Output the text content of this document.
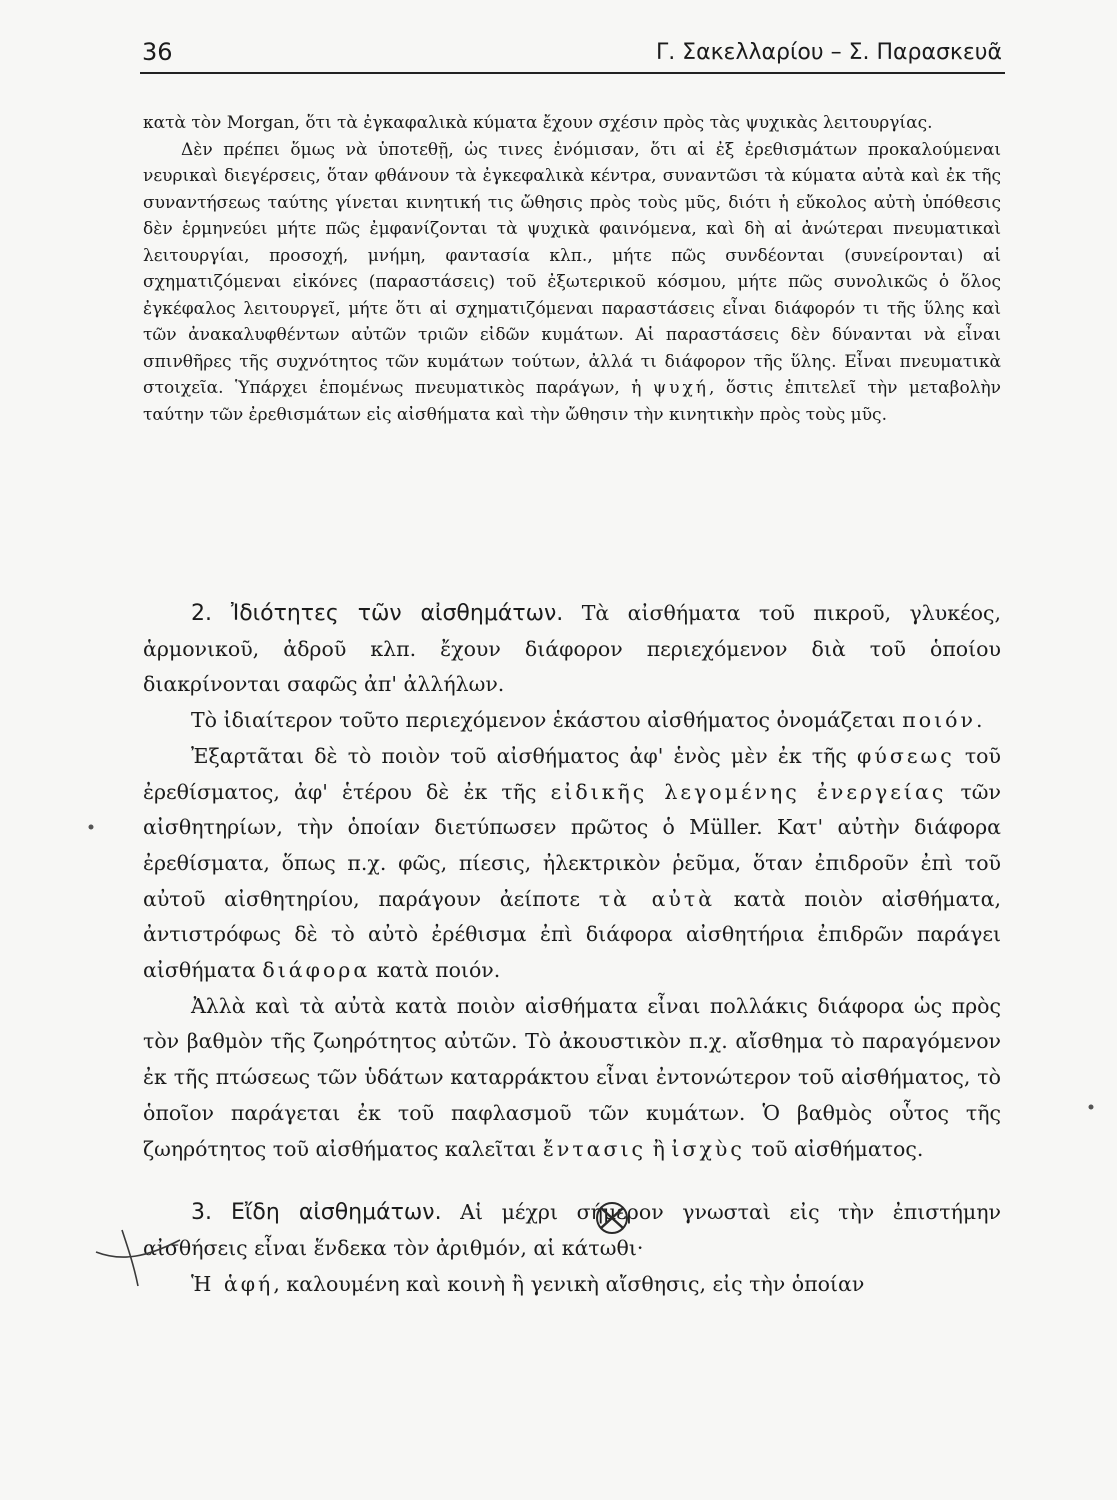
36	Γ. Σακελλαρίου – Σ. Παρασκευᾶ

κατὰ τὸν Morgan, ὅτι τὰ ἐγκαφαλικὰ κύματα ἔχουν σχέσιν πρὸς τὰς ψυχικὰς λειτουργίας.

Δὲν πρέπει ὅμως νὰ ὑποτεθῇ, ὡς τινες ἐνόμισαν, ὅτι αἱ ἐξ ἐρεθισμάτων προκαλούμεναι νευρικαὶ διεγέρσεις, ὅταν φθάνουν τὰ ἐγκεφαλικὰ κέντρα, συναντῶσι τὰ κύματα αὐτὰ καὶ ἐκ τῆς συναντήσεως ταύτης γίνεται κινητική τις ὤθησις πρὸς τοὺς μῦς, διότι ἡ εὔκολος αὐτὴ ὑπόθεσις δὲν ἑρμηνεύει μήτε πῶς ἐμφανίζονται τὰ ψυχικὰ φαινόμενα, καὶ δὴ αἱ ἀνώτεραι πνευματικαὶ λειτουργίαι, προσοχή, μνήμη, φαντασία κλπ., μήτε πῶς συνδέονται (συνείρονται) αἱ σχηματιζόμεναι εἰκόνες (παραστάσεις) τοῦ ἐξωτερικοῦ κόσμου, μήτε πῶς συνολικῶς ὁ ὅλος ἐγκέφαλος λειτουργεῖ, μήτε ὅτι αἱ σχηματιζόμεναι παραστάσεις εἶναι διάφορόν τι τῆς ὕλης καὶ τῶν ἀνακαλυφθέντων αὐτῶν τριῶν εἰδῶν κυμάτων. Αἱ παραστάσεις δὲν δύνανται νὰ εἶναι σπινθῆρες τῆς συχνότητος τῶν κυμάτων τούτων, ἀλλά τι διάφορον τῆς ὕλης. Εἶναι πνευματικὰ στοιχεῖα. Ὑπάρχει ἑπομένως πνευματικὸς παράγων, ἡ ψυχή, ὅστις ἐπιτελεῖ τὴν μεταβολὴν ταύτην τῶν ἐρεθισμάτων εἰς αἰσθήματα καὶ τὴν ὤθησιν τὴν κινητικὴν πρὸς τοὺς μῦς.

2. Ἰδιότητες τῶν αἰσθημάτων. Τὰ αἰσθήματα τοῦ πικροῦ, γλυκέος, ἁρμονικοῦ, ἁδροῦ κλπ. ἔχουν διάφορον περιεχόμενον διὰ τοῦ ὁποίου διακρίνονται σαφῶς ἀπ' ἀλλήλων.

Τὸ ἰδιαίτερον τοῦτο περιεχόμενον ἑκάστου αἰσθήματος ὀνομάζεται ποιόν.

Ἐξαρτᾶται δὲ τὸ ποιὸν τοῦ αἰσθήματος ἀφ' ἑνὸς μὲν ἐκ τῆς φύσεως τοῦ ἐρεθίσματος, ἀφ' ἑτέρου δὲ ἐκ τῆς εἰδικῆς λεγομένης ἐνεργείας τῶν αἰσθητηρίων, τὴν ὁποίαν διετύπωσεν πρῶτος ὁ Müller. Κατ' αὐτὴν διάφορα ἐρεθίσματα, ὅπως π.χ. φῶς, πίεσις, ἠλεκτρικὸν ῥεῦμα, ὅταν ἐπιδροῦν ἐπὶ τοῦ αὐτοῦ αἰσθητηρίου, παράγουν ἀείποτε τὰ αὐτὰ κατὰ ποιὸν αἰσθήματα, ἀντιστρόφως δὲ τὸ αὐτὸ ἐρέθισμα ἐπὶ διάφορα αἰσθητήρια ἐπιδρῶν παράγει αἰσθήματα διάφορα κατὰ ποιόν.

Ἀλλὰ καὶ τὰ αὐτὰ κατὰ ποιὸν αἰσθήματα εἶναι πολλάκις διάφορα ὡς πρὸς τὸν βαθμὸν τῆς ζωηρότητος αὐτῶν. Τὸ ἀκουστικὸν π.χ. αἴσθημα τὸ παραγόμενον ἐκ τῆς πτώσεως τῶν ὑδάτων καταρράκτου εἶναι ἐντονώτερον τοῦ αἰσθήματος, τὸ ὁποῖον παράγεται ἐκ τοῦ παφλασμοῦ τῶν κυμάτων. Ὁ βαθμὸς οὗτος τῆς ζωηρότητος τοῦ αἰσθήματος καλεῖται ἔντασις ἢ ἰσχὺς τοῦ αἰσθήματος.

3. Εἴδη αἰσθημάτων. Αἱ μέχρι σήμερον γνωσταὶ εἰς τὴν ἐπιστήμην αἰσθήσεις εἶναι ἕνδεκα τὸν ἀριθμόν, αἱ κάτωθι·

Ἡ ἁφή, καλουμένη καὶ κοινὴ ἢ γενικὴ αἴσθησις, εἰς τὴν ὁποίαν
